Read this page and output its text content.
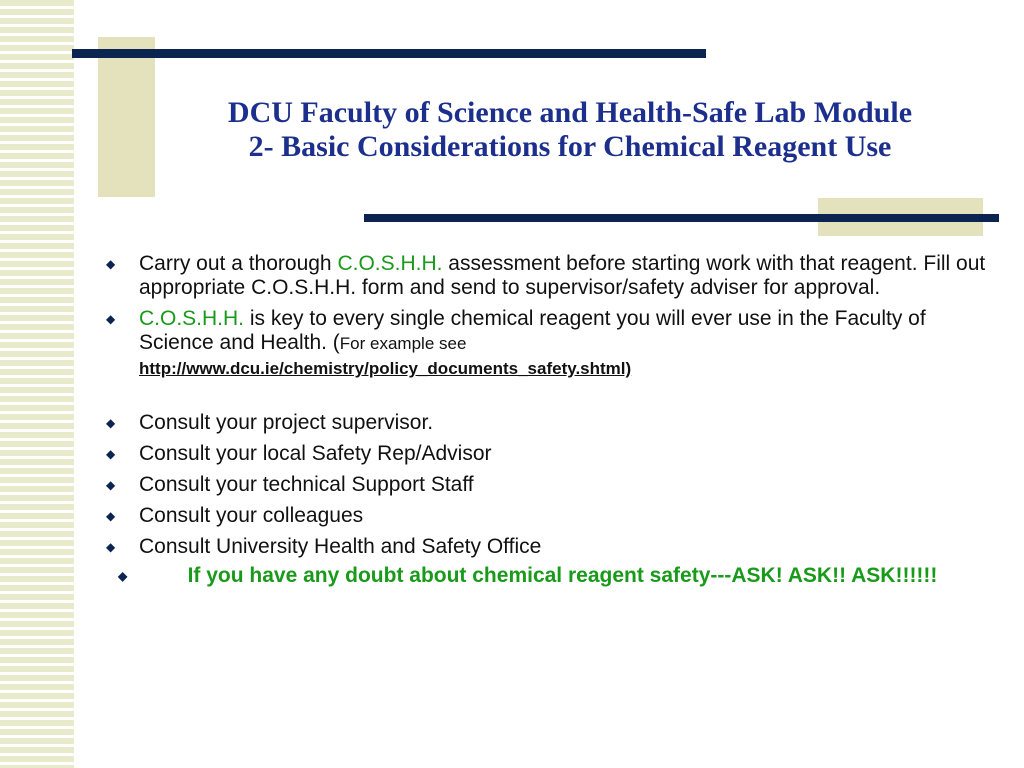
DCU Faculty of Science and Health-Safe Lab Module
2- Basic Considerations for Chemical Reagent Use
◆ Carry out a thorough C.O.S.H.H. assessment before starting work with that reagent. Fill out appropriate C.O.S.H.H. form and send to supervisor/safety adviser for approval.
◆ C.O.S.H.H. is key to every single chemical reagent you will ever use in the Faculty of Science and Health. (For example see
http://www.dcu.ie/chemistry/policy_documents_safety.shtml)
◆ Consult your project supervisor.
◆ Consult your local Safety Rep/Advisor
◆ Consult your technical Support Staff
◆ Consult your colleagues
◆ Consult University Health and Safety Office
◆	If you have any doubt about chemical reagent safety---ASK! ASK!! ASK!!!!!!
